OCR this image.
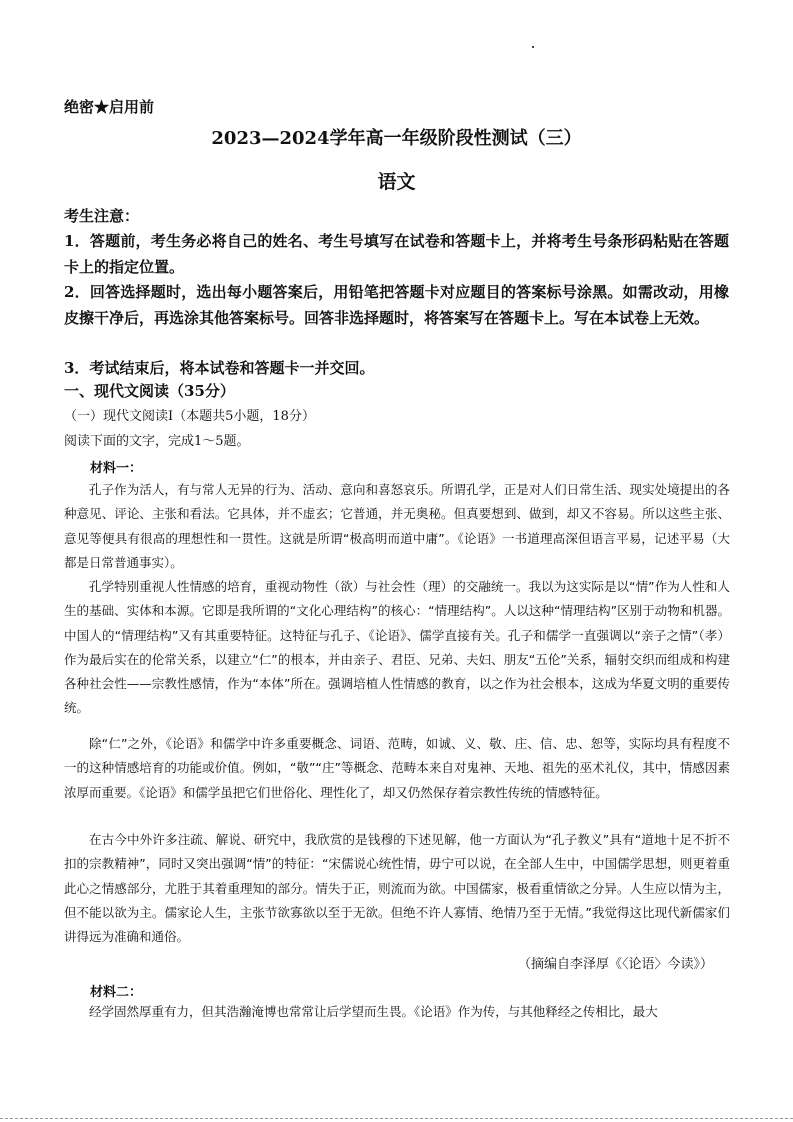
绝密★启用前
2023—2024学年高一年级阶段性测试（三）
语文
考生注意：
1．答题前，考生务必将自己的姓名、考生号填写在试卷和答题卡上，并将考生号条形码粘贴在答题卡上的指定位置。
2．回答选择题时，选出每小题答案后，用铅笔把答题卡对应题目的答案标号涂黑。如需改动，用橡皮擦干净后，再选涂其他答案标号。回答非选择题时，将答案写在答题卡上。写在本试卷上无效。
3．考试结束后，将本试卷和答题卡一并交回。
一、现代文阅读（35分）
（一）现代文阅读Ⅰ（本题共5小题，18分）
阅读下面的文字，完成1～5题。
材料一：
孔子作为活人，有与常人无异的行为、活动、意向和喜怒哀乐。所谓孔学，正是对人们日常生活、现实处境提出的各种意见、评论、主张和看法。它具体，并不虚玄；它普通，并无奥秘。但真要想到、做到，却又不容易。所以这些主张、意见等便具有很高的理想性和一贯性。这就是所谓“极高明而道中庸”。《论语》一书道理高深但语言平易，记述平易（大都是日常普通事实）。
孔学特别重视人性情感的培育，重视动物性（欲）与社会性（理）的交融统一。我以为这实际是以“情”作为人性和人生的基础、实体和本源。它即是我所谓的“文化心理结构”的核心：“情理结构”。人以这种“情理结构”区别于动物和机器。中国人的“情理结构”又有其重要特征。这特征与孔子、《论语》、儒学直接有关。孔子和儒学一直强调以“亲子之情”（孝）作为最后实在的伦常关系，以建立“仁”的根本，并由亲子、君臣、兄弟、夫妇、朋友“五伦”关系，辐射交织而组成和构建各种社会性——宗教性感情，作为“本体”所在。强调培植人性情感的教育，以之作为社会根本，这成为华夏文明的重要传统。
除“仁”之外，《论语》和儒学中许多重要概念、词语、范畴，如诚、义、敬、庄、信、忠、恕等，实际均具有程度不一的这种情感培育的功能或价值。例如，“敬”“庄”等概念、范畴本来自对鬼神、天地、祖先的巫术礼仪，其中，情感因素浓厚而重要。《论语》和儒学虽把它们世俗化、理性化了，却又仍然保存着宗教性传统的情感特征。
在古今中外许多注疏、解说、研究中，我欣赏的是钱穆的下述见解，他一方面认为“孔子教义”具有“道地十足不折不扣的宗教精神”，同时又突出强调“情”的特征：“宋儒说心统性情，毋宁可以说，在全部人生中，中国儒学思想，则更着重此心之情感部分，尤胜于其着重理知的部分。情失于正，则流而为欲。中国儒家，极看重情欲之分异。人生应以情为主，但不能以欲为主。儒家论人生，主张节欲寡欲以至于无欲。但绝不许人寡情、绝情乃至于无情。”我觉得这比现代新儒家们讲得远为准确和通俗。
（摘编自李泽厚《〈论语〉今读》）
材料二：
经学固然厚重有力，但其浩瀚淹博也常常让后学望而生畏。《论语》作为传，与其他释经之传相比，最大
